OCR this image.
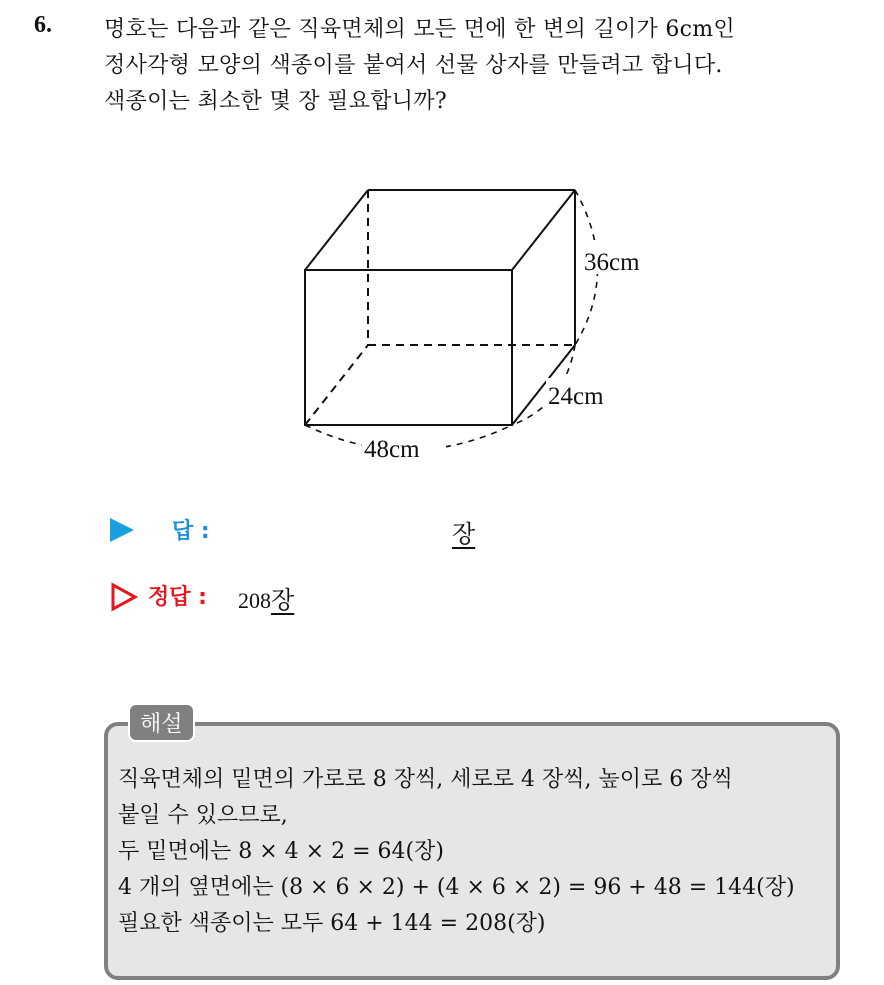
6. 명호는 다음과 같은 직육면체의 모든 면에 한 변의 길이가 6cm인

정사각형 모양의 색종이를 붙여서 선물 상자를 만들려고 합니다.

색종이는 최소한 몇 장 필요합니까?

36cm
24cm
48cm
답 :	장
정답 : 208장
해설

직육면체의 밑면의 가로로 8 장씩, 세로로 4 장씩, 높이로 6 장씩

붙일 수 있으므로,

두 밑면에는 8 × 4 × 2 = 64(장)

4 개의 옆면에는 (8 × 6 × 2) + (4 × 6 × 2) = 96 + 48 = 144(장)

필요한 색종이는 모두 64 + 144 = 208(장)
